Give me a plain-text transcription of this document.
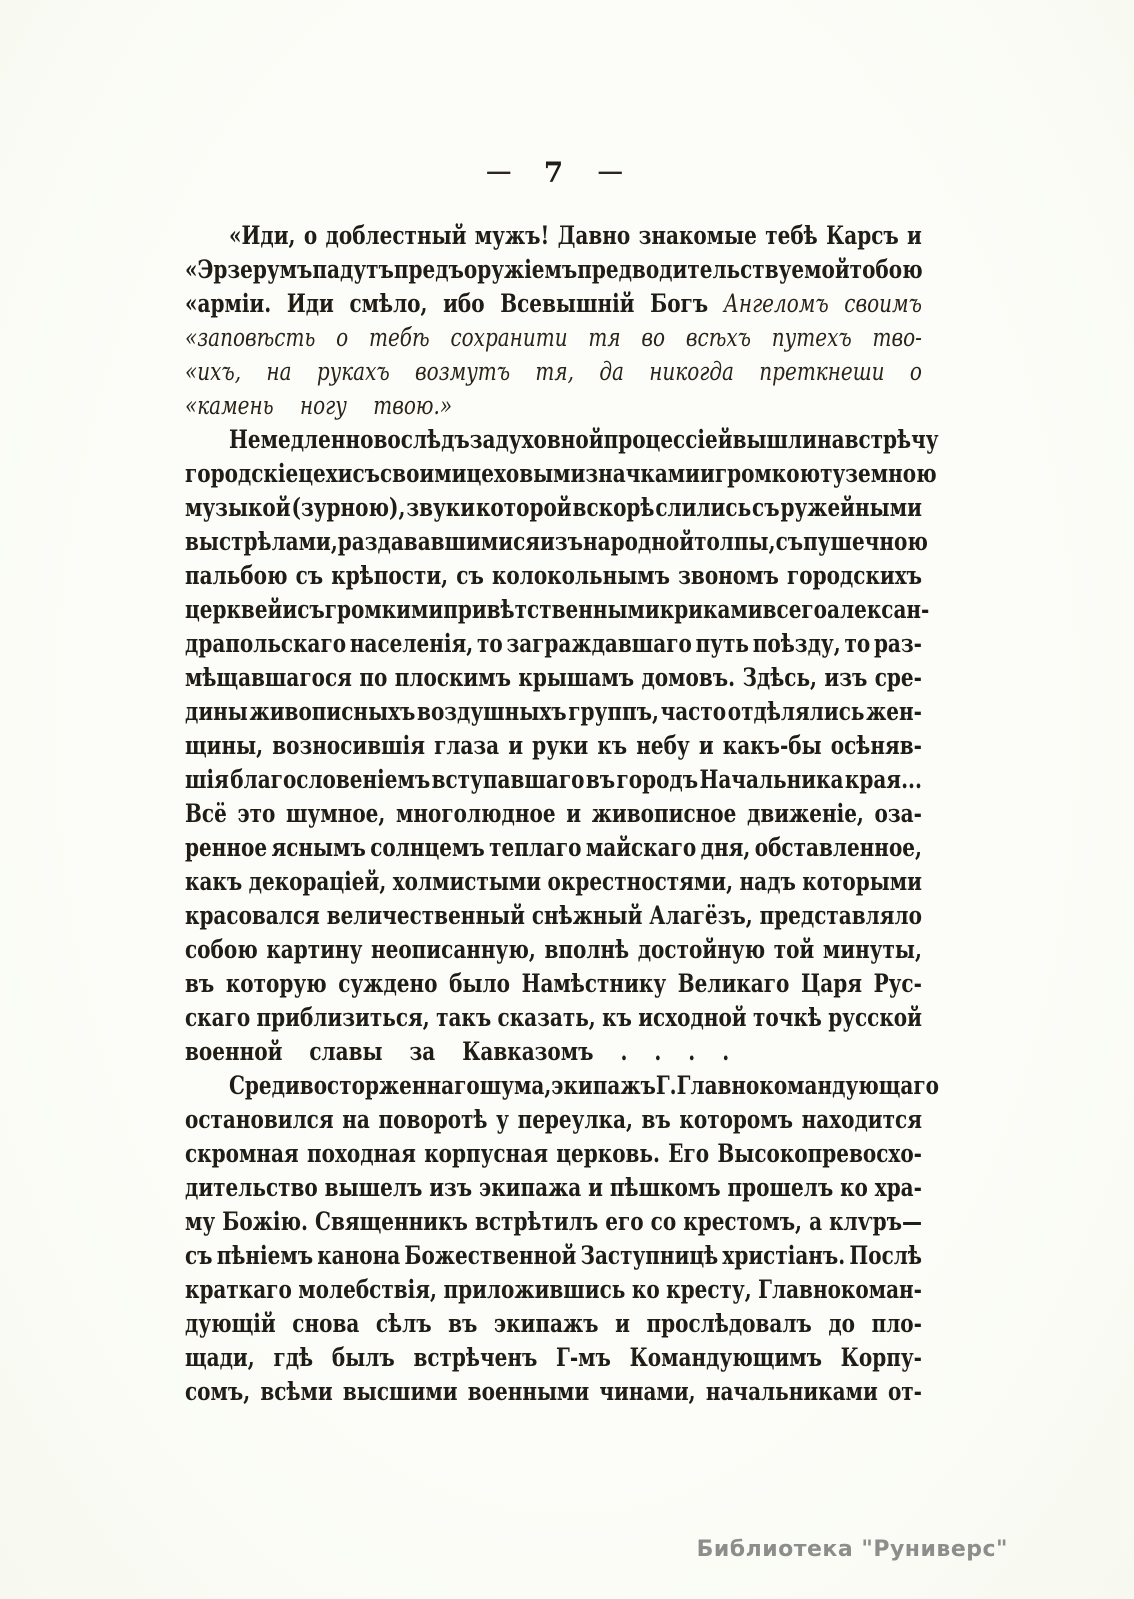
— 7 —
«Иди, о доблестный мужъ! Давно знакомые тебѣ Карсъ и
«Эрзерумъ падутъ предъ оружіемъ предводительствуемой тобою
«арміи. Иди смѣло, ибо Всевышній Богъ Ангеломъ своимъ
«заповѣсть о тебѣ сохранити тя во всѣхъ путехъ тво-
«ихъ, на рукахъ возмутъ тя, да никогда преткнеши о
«камень ногу твою.»
Немедленно вослѣдъ за духовной процессіей вышли на встрѣчу
городскіе цехи съ своими цеховыми значками и громкою туземною
музыкой (зурною), звуки которой вскорѣ слились съ ружейными
выстрѣлами, раздававшимися изъ народной толпы, съ пушечною
пальбою съ крѣпости, съ колокольнымъ звономъ городскихъ
церквей и съ громкими привѣтственными криками всего алексан-
драпольскаго населенія, то заграждавшаго путь поѣзду, то раз-
мѣщавшагося по плоскимъ крышамъ домовъ. Здѣсь, изъ сре-
дины живописныхъ воздушныхъ группъ, часто отдѣлялись жен-
щины, возносившія глаза и руки къ небу и какъ-бы осѣняв-
шія благословеніемъ вступавшаго въ городъ Начальника края...
Всё это шумное, многолюдное и живописное движеніе, оза-
ренное яснымъ солнцемъ теплаго майскаго дня, обставленное,
какъ декораціей, холмистыми окрестностями, надъ которыми
красовался величественный снѣжный Алагёзъ, представляло
собою картину неописанную, вполнѣ достойную той минуты,
въ которую суждено было Намѣстнику Великаго Царя Рус-
скаго приблизиться, такъ сказать, къ исходной точкѣ русской
военной славы за Кавказомъ . . . .
Среди восторженнаго шума, экипажъ Г. Главнокомандующаго
остановился на поворотѣ у переулка, въ которомъ находится
скромная походная корпусная церковь. Его Высокопревосхо-
дительство вышелъ изъ экипажа и пѣшкомъ прошелъ ко хра-
му Божію. Священникъ встрѣтилъ его со крестомъ, а клѵръ—
съ пѣніемъ канона Божественной Заступницѣ христіанъ. Послѣ
краткаго молебствія, приложившись ко кресту, Главнокоман-
дующій снова сѣлъ въ экипажъ и прослѣдовалъ до пло-
щади, гдѣ былъ встрѣченъ Г-мъ Командующимъ Корпу-
сомъ, всѣми высшими военными чинами, начальниками от-
Библиотека "Руниверс"
